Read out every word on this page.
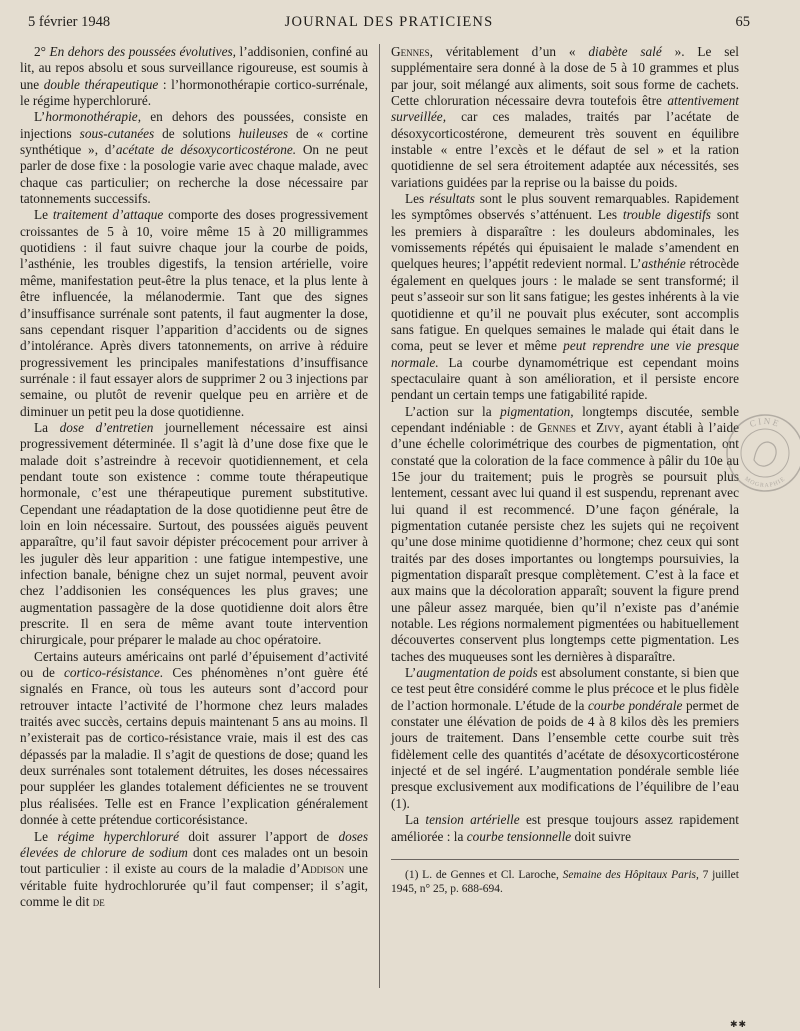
5 février 1948	JOURNAL DES PRATICIENS	65

2° En dehors des poussées évolutives, l’addisonien, confiné au lit, au repos absolu et sous surveillance rigoureuse, est soumis à une double thérapeutique : l’hormonothérapie cortico-surrénale, le régime hyperchloruré.

L’hormonothérapie, en dehors des poussées, consiste en injections sous-cutanées de solutions huileuses de « cortine synthétique », d’acétate de désoxycorticostérone. On ne peut parler de dose fixe : la posologie varie avec chaque malade, avec chaque cas particulier; on recherche la dose nécessaire par tatonnements successifs.

Le traitement d’attaque comporte des doses progressivement croissantes de 5 à 10, voire même 15 à 20 milligrammes quotidiens : il faut suivre chaque jour la courbe de poids, l’asthénie, les troubles digestifs, la tension artérielle, voire même, manifestation peut-être la plus tenace, et la plus lente à être influencée, la mélanodermie. Tant que des signes d’insuffisance surrénale sont patents, il faut augmenter la dose, sans cependant risquer l’apparition d’accidents ou de signes d’intolérance. Après divers tatonnements, on arrive à réduire progressivement les principales manifestations d’insuffisance surrénale : il faut essayer alors de supprimer 2 ou 3 injections par semaine, ou plutôt de revenir quelque peu en arrière et de diminuer un petit peu la dose quotidienne.

La dose d’entretien journellement nécessaire est ainsi progressivement déterminée. Il s’agit là d’une dose fixe que le malade doit s’astreindre à recevoir quotidiennement, et cela pendant toute son existence : comme toute thérapeutique hormonale, c’est une thérapeutique purement substitutive. Cependant une réadaptation de la dose quotidienne peut être de loin en loin nécessaire. Surtout, des poussées aiguës peuvent apparaître, qu’il faut savoir dépister précocement pour arriver à les juguler dès leur apparition : une fatigue intempestive, une infection banale, bénigne chez un sujet normal, peuvent avoir chez l’addisonien les conséquences les plus graves; une augmentation passagère de la dose quotidienne doit alors être prescrite. Il en sera de même avant toute intervention chirurgicale, pour préparer le malade au choc opératoire.

Certains auteurs américains ont parlé d’épuisement d’activité ou de cortico-résistance. Ces phénomènes n’ont guère été signalés en France, où tous les auteurs sont d’accord pour retrouver intacte l’activité de l’hormone chez leurs malades traités avec succès, certains depuis maintenant 5 ans au moins. Il n’existerait pas de cortico-résistance vraie, mais il est des cas dépassés par la maladie. Il s’agit de questions de dose; quand les deux surrénales sont totalement détruites, les doses nécessaires pour suppléer les glandes totalement déficientes ne se trouvent plus réalisées. Telle est en France l’explication généralement donnée à cette prétendue corticorésistance.

Le régime hyperchloruré doit assurer l’apport de doses élevées de chlorure de sodium dont ces malades ont un besoin tout particulier : il existe au cours de la maladie d’Addison une véritable fuite hydrochlorurée qu’il faut compenser; il s’agit, comme le dit de

Gennes, véritablement d’un « diabète salé ». Le sel supplémentaire sera donné à la dose de 5 à 10 grammes et plus par jour, soit mélangé aux aliments, soit sous forme de cachets. Cette chloruration nécessaire devra toutefois être attentivement surveillée, car ces malades, traités par l’acétate de désoxycorticostérone, demeurent très souvent en équilibre instable « entre l’excès et le défaut de sel » et la ration quotidienne de sel sera étroitement adaptée aux nécessités, ses variations guidées par la reprise ou la baisse du poids.

Les résultats sont le plus souvent remarquables. Rapidement les symptômes observés s’atténuent. Les trouble digestifs sont les premiers à disparaître : les douleurs abdominales, les vomissements répétés qui épuisaient le malade s’amendent en quelques heures; l’appétit redevient normal. L’asthénie rétrocède également en quelques jours : le malade se sent transformé; il peut s’asseoir sur son lit sans fatigue; les gestes inhérents à la vie quotidienne et qu’il ne pouvait plus exécuter, sont accomplis sans fatigue. En quelques semaines le malade qui était dans le coma, peut se lever et même peut reprendre une vie presque normale. La courbe dynamométrique est cependant moins spectaculaire quant à son amélioration, et il persiste encore pendant un certain temps une fatigabilité rapide.

L’action sur la pigmentation, longtemps discutée, semble cependant indéniable : de Gennes et Zivy, ayant établi à l’aide d’une échelle colorimétrique des courbes de pigmentation, ont constaté que la coloration de la face commence à pâlir du 10e au 15e jour du traitement; puis le progrès se poursuit plus lentement, cessant avec lui quand il est suspendu, reprenant avec lui quand il est recommencé. D’une façon générale, la pigmentation cutanée persiste chez les sujets qui ne reçoivent qu’une dose minime quotidienne d’hormone; chez ceux qui sont traités par des doses importantes ou longtemps poursuivies, la pigmentation disparaît presque complètement. C’est à la face et aux mains que la décoloration apparaît; souvent la figure prend une pâleur assez marquée, bien qu’il n’existe pas d’anémie notable. Les régions normalement pigmentées ou habituellement découvertes conservent plus longtemps cette pigmentation. Les taches des muqueuses sont les dernières à disparaître.

L’augmentation de poids est absolument constante, si bien que ce test peut être considéré comme le plus précoce et le plus fidèle de l’action hormonale. L’étude de la courbe pondérale permet de constater une élévation de poids de 4 à 8 kilos dès les premiers jours de traitement. Dans l’ensemble cette courbe suit très fidèlement celle des quantités d’acétate de désoxycorticostérone injecté et de sel ingéré. L’augmentation pondérale semble liée presque exclusivement aux modifications de l’équilibre de l’eau (1).

La tension artérielle est presque toujours assez rapidement améliorée : la courbe tensionnelle doit suivre

(1) L. de Gennes et Cl. Laroche, Semaine des Hôpitaux Paris, 7 juillet 1945, n° 25, p. 688-694.

CINE
MOGRAPHIE
✱✱
